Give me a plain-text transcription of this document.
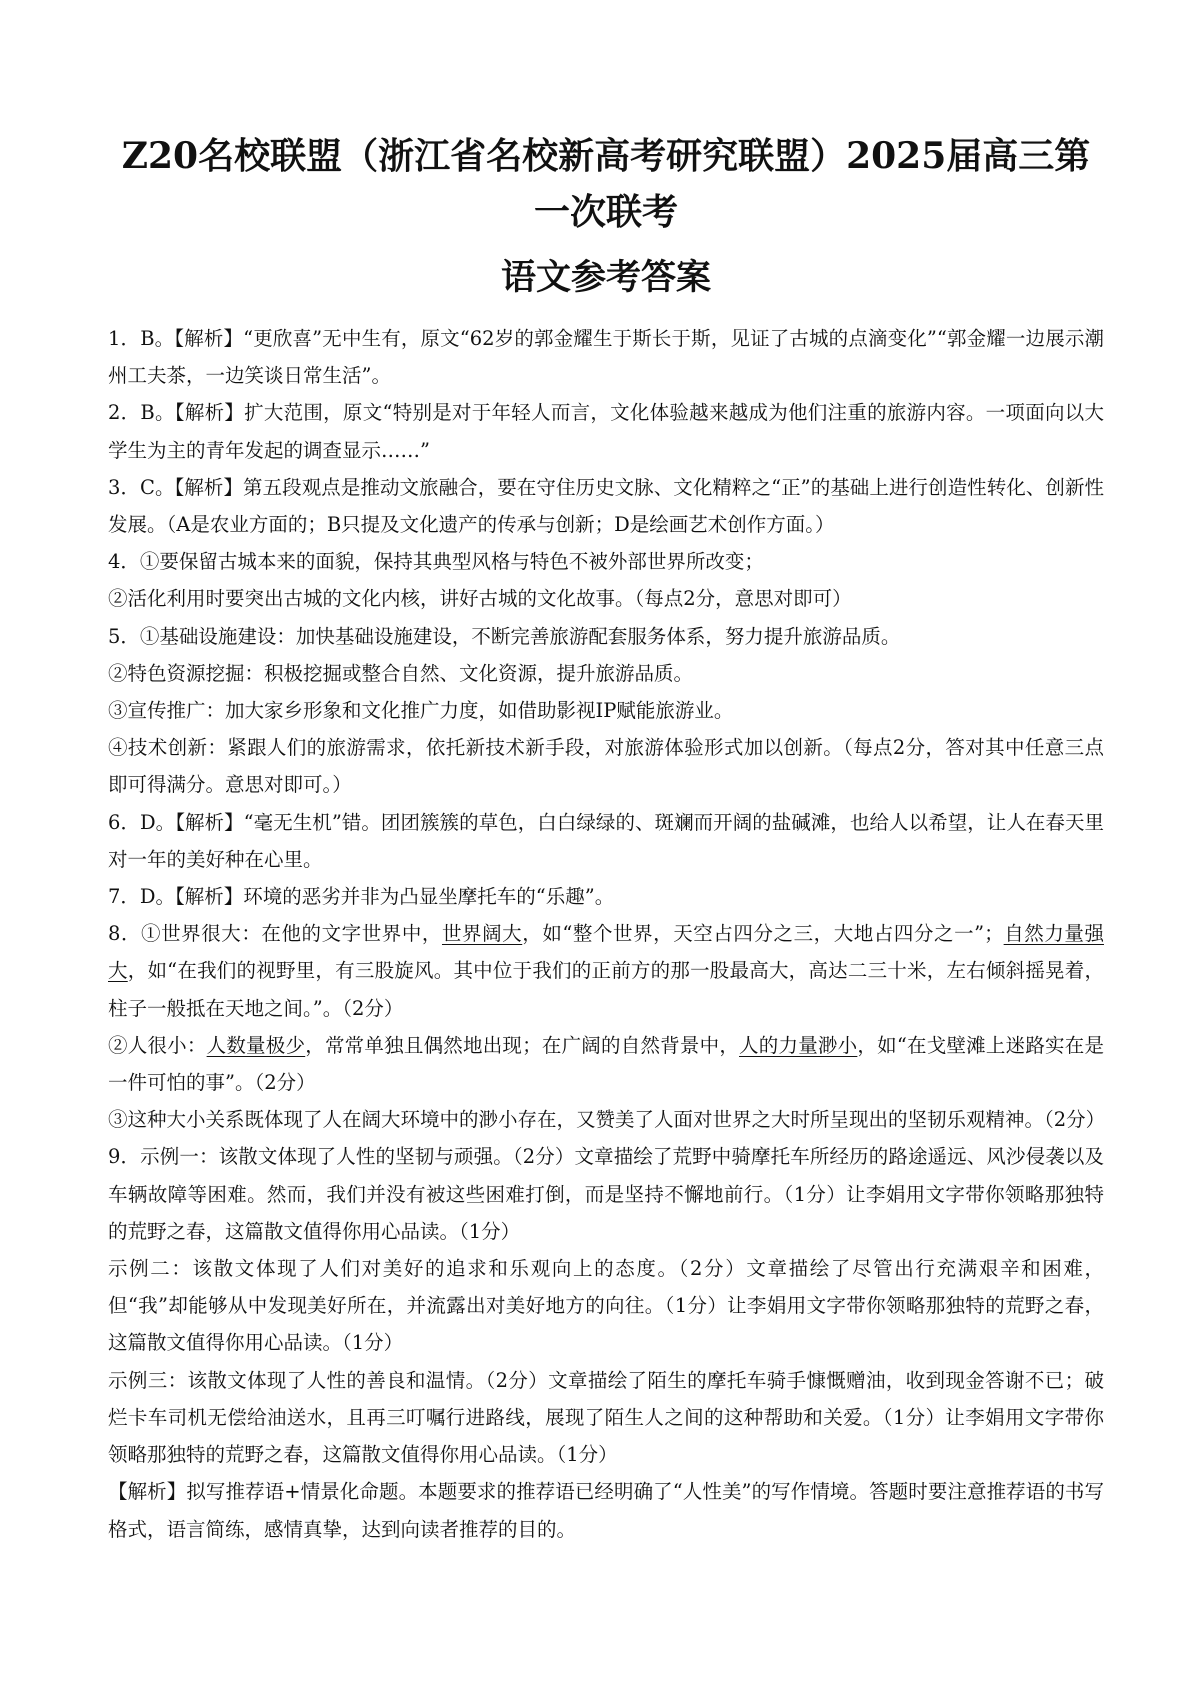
Z20名校联盟（浙江省名校新高考研究联盟）2025届高三第一次联考
语文参考答案

1．B。【解析】“更欣喜”无中生有，原文“62岁的郭金耀生于斯长于斯，见证了古城的点滴变化”“郭金耀一边展示潮州工夫茶，一边笑谈日常生活”。

2．B。【解析】扩大范围，原文“特别是对于年轻人而言，文化体验越来越成为他们注重的旅游内容。一项面向以大学生为主的青年发起的调查显示……”

3．C。【解析】第五段观点是推动文旅融合，要在守住历史文脉、文化精粹之“正”的基础上进行创造性转化、创新性发展。（A是农业方面的；B只提及文化遗产的传承与创新；D是绘画艺术创作方面。）

4．①要保留古城本来的面貌，保持其典型风格与特色不被外部世界所改变；

②活化利用时要突出古城的文化内核，讲好古城的文化故事。（每点2分，意思对即可）

5．①基础设施建设：加快基础设施建设，不断完善旅游配套服务体系，努力提升旅游品质。

②特色资源挖掘：积极挖掘或整合自然、文化资源，提升旅游品质。

③宣传推广：加大家乡形象和文化推广力度，如借助影视IP赋能旅游业。

④技术创新：紧跟人们的旅游需求，依托新技术新手段，对旅游体验形式加以创新。（每点2分，答对其中任意三点即可得满分。意思对即可。）

6．D。【解析】“毫无生机”错。团团簇簇的草色，白白绿绿的、斑斓而开阔的盐碱滩，也给人以希望，让人在春天里对一年的美好种在心里。

7．D。【解析】环境的恶劣并非为凸显坐摩托车的“乐趣”。

8．①世界很大：在他的文字世界中，世界阔大，如“整个世界，天空占四分之三，大地占四分之一”；自然力量强大，如“在我们的视野里，有三股旋风。其中位于我们的正前方的那一股最高大，高达二三十米，左右倾斜摇晃着，柱子一般抵在天地之间。”。（2分）

②人很小：人数量极少，常常单独且偶然地出现；在广阔的自然背景中，人的力量渺小，如“在戈壁滩上迷路实在是一件可怕的事”。（2分）

③这种大小关系既体现了人在阔大环境中的渺小存在，又赞美了人面对世界之大时所呈现出的坚韧乐观精神。（2分）

9．示例一：该散文体现了人性的坚韧与顽强。（2分）文章描绘了荒野中骑摩托车所经历的路途遥远、风沙侵袭以及车辆故障等困难。然而，我们并没有被这些困难打倒，而是坚持不懈地前行。（1分）让李娟用文字带你领略那独特的荒野之春，这篇散文值得你用心品读。（1分）

示例二：该散文体现了人们对美好的追求和乐观向上的态度。（2分）文章描绘了尽管出行充满艰辛和困难，但“我”却能够从中发现美好所在，并流露出对美好地方的向往。（1分）让李娟用文字带你领略那独特的荒野之春，这篇散文值得你用心品读。（1分）

示例三：该散文体现了人性的善良和温情。（2分）文章描绘了陌生的摩托车骑手慷慨赠油，收到现金答谢不已；破烂卡车司机无偿给油送水，且再三叮嘱行进路线，展现了陌生人之间的这种帮助和关爱。（1分）让李娟用文字带你领略那独特的荒野之春，这篇散文值得你用心品读。（1分）

【解析】拟写推荐语+情景化命题。本题要求的推荐语已经明确了“人性美”的写作情境。答题时要注意推荐语的书写格式，语言简练，感情真挚，达到向读者推荐的目的。
